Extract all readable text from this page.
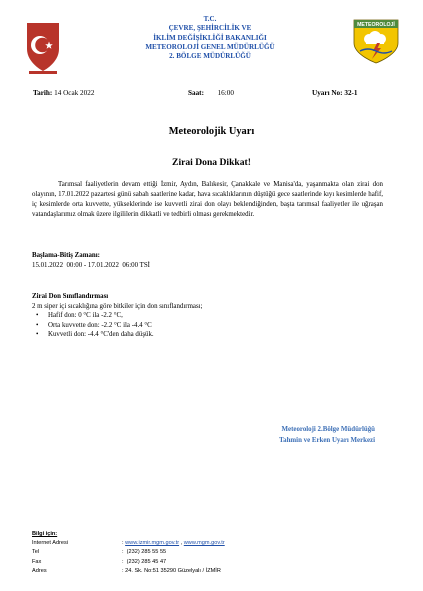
T.C.
ÇEVRE, ŞEHİRCİLİK VE
İKLİM DEĞİŞİKLİĞİ BAKANLIĞI
METEOROLOJİ GENEL MÜDÜRLÜĞÜ
2. BÖLGE MÜDÜRLÜĞÜ
METEOROLOJİ
Tarih: 14 Ocak 2022	Saat: 16:00	Uyarı No: 32-1
Meteorolojik Uyarı
Zirai Dona Dikkat!
Tarımsal faaliyetlerin devam ettiği İzmir, Aydın, Balıkesir, Çanakkale ve Manisa'da, yaşanmakta olan zirai don olayının, 17.01.2022 pazartesi günü sabah saatlerine kadar, hava sıcaklıklarının düştüğü gece saatlerinde kıyı kesimlerde hafif, iç kesimlerde orta kuvvette, yükseklerinde ise kuvvetli zirai don olayı beklendiğinden, başta tarımsal faaliyetler ile uğraşan vatandaşlarımız olmak üzere ilgililerin dikkatli ve tedbirli olması gerekmektedir.
Başlama-Bitiş Zamanı:
15.01.2022  00:00 - 17.01.2022  06:00 TSİ
Zirai Don Sınıflandırması
2 m siper içi sıcaklığına göre bitkiler için don sınıflandırması;
• Hafif don: 0 °C ila -2.2 °C,
• Orta kuvvette don: -2.2 °C ila -4.4 °C
• Kuvvetli don: -4.4 °C'den daha düşük.
Meteoroloji 2.Bölge Müdürlüğü
Tahmin ve Erken Uyarı Merkezi
Bilgi için:
Internet Adresi	: www.izmir.mgm.gov.tr , www.mgm.gov.tr
Tel	:  (232) 285 55 55
Fax	:  (232) 285 45 47
Adres	: 24. Sk. No:51 35290 Güzelyalı / İZMİR
